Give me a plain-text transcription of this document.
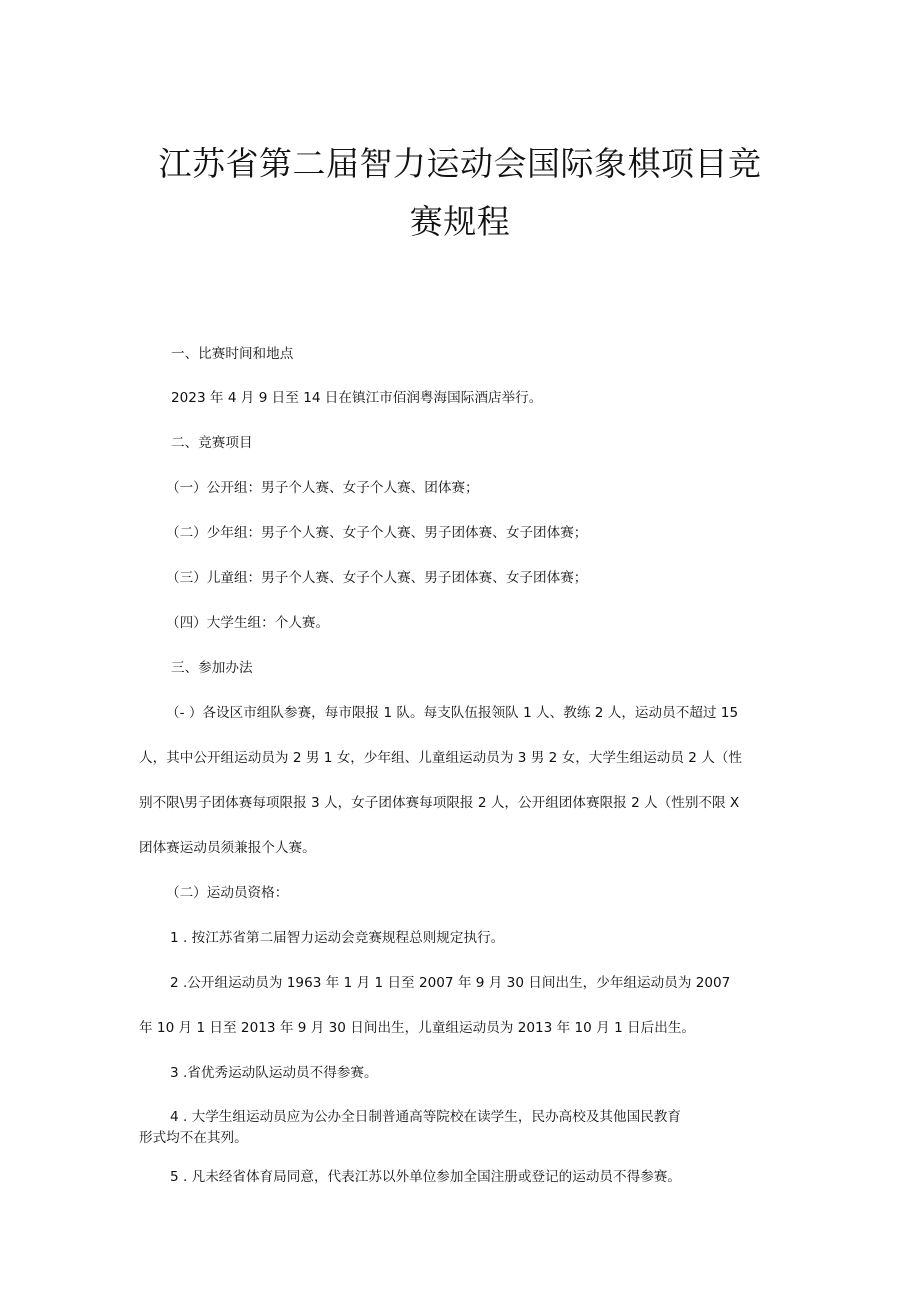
江苏省第二届智力运动会国际象棋项目竞
赛规程

一、比赛时间和地点

2023 年 4 月 9 日至 14 日在镇江市佰润粤海国际酒店举行。

二、竞赛项目

（一）公开组：男子个人赛、女子个人赛、团体赛；

（二）少年组：男子个人赛、女子个人赛、男子团体赛、女子团体赛；

（三）儿童组：男子个人赛、女子个人赛、男子团体赛、女子团体赛；

（四）大学生组：个人赛。

三、参加办法

（- ）各设区市组队参赛，每市限报 1 队。每支队伍报领队 1 人、教练 2 人，运动员不超过 15

人，其中公开组运动员为 2 男 1 女，少年组、儿童组运动员为 3 男 2 女，大学生组运动员 2 人（性

别不限\男子团体赛每项限报 3 人，女子团体赛每项限报 2 人，公开组团体赛限报 2 人（性别不限 X

团体赛运动员须兼报个人赛。

（二）运动员资格：

1 . 按江苏省第二届智力运动会竞赛规程总则规定执行。

2 .公开组运动员为 1963 年 1 月 1 日至 2007 年 9 月 30 日间出生，少年组运动员为 2007

年 10 月 1 日至 2013 年 9 月 30 日间出生，儿童组运动员为 2013 年 10 月 1 日后出生。

3 .省优秀运动队运动员不得参赛。

4 . 大学生组运动员应为公办全日制普通高等院校在读学生，民办高校及其他国民教育

形式均不在其列。

5 . 凡未经省体育局同意，代表江苏以外单位参加全国注册或登记的运动员不得参赛。
